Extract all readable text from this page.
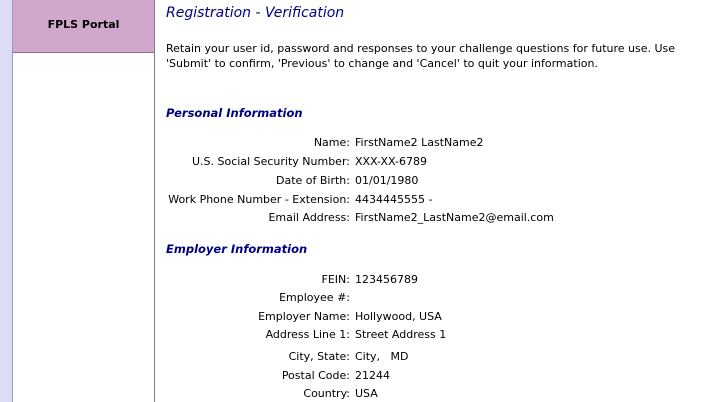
FPLS Portal
Registration - Verification
Retain your user id, password and responses to your challenge questions for future use. Use 'Submit' to confirm, 'Previous' to change and 'Cancel' to quit your information.
Personal Information
Name: FirstName2 LastName2
U.S. Social Security Number: XXX-XX-6789
Date of Birth: 01/01/1980
Work Phone Number - Extension: 4434445555 -
Email Address: FirstName2_LastName2@email.com
Employer Information
FEIN: 123456789
Employee #:
Employer Name: Hollywood, USA
Address Line 1: Street Address 1
City, State: City,   MD
Postal Code: 21244
Country: USA
